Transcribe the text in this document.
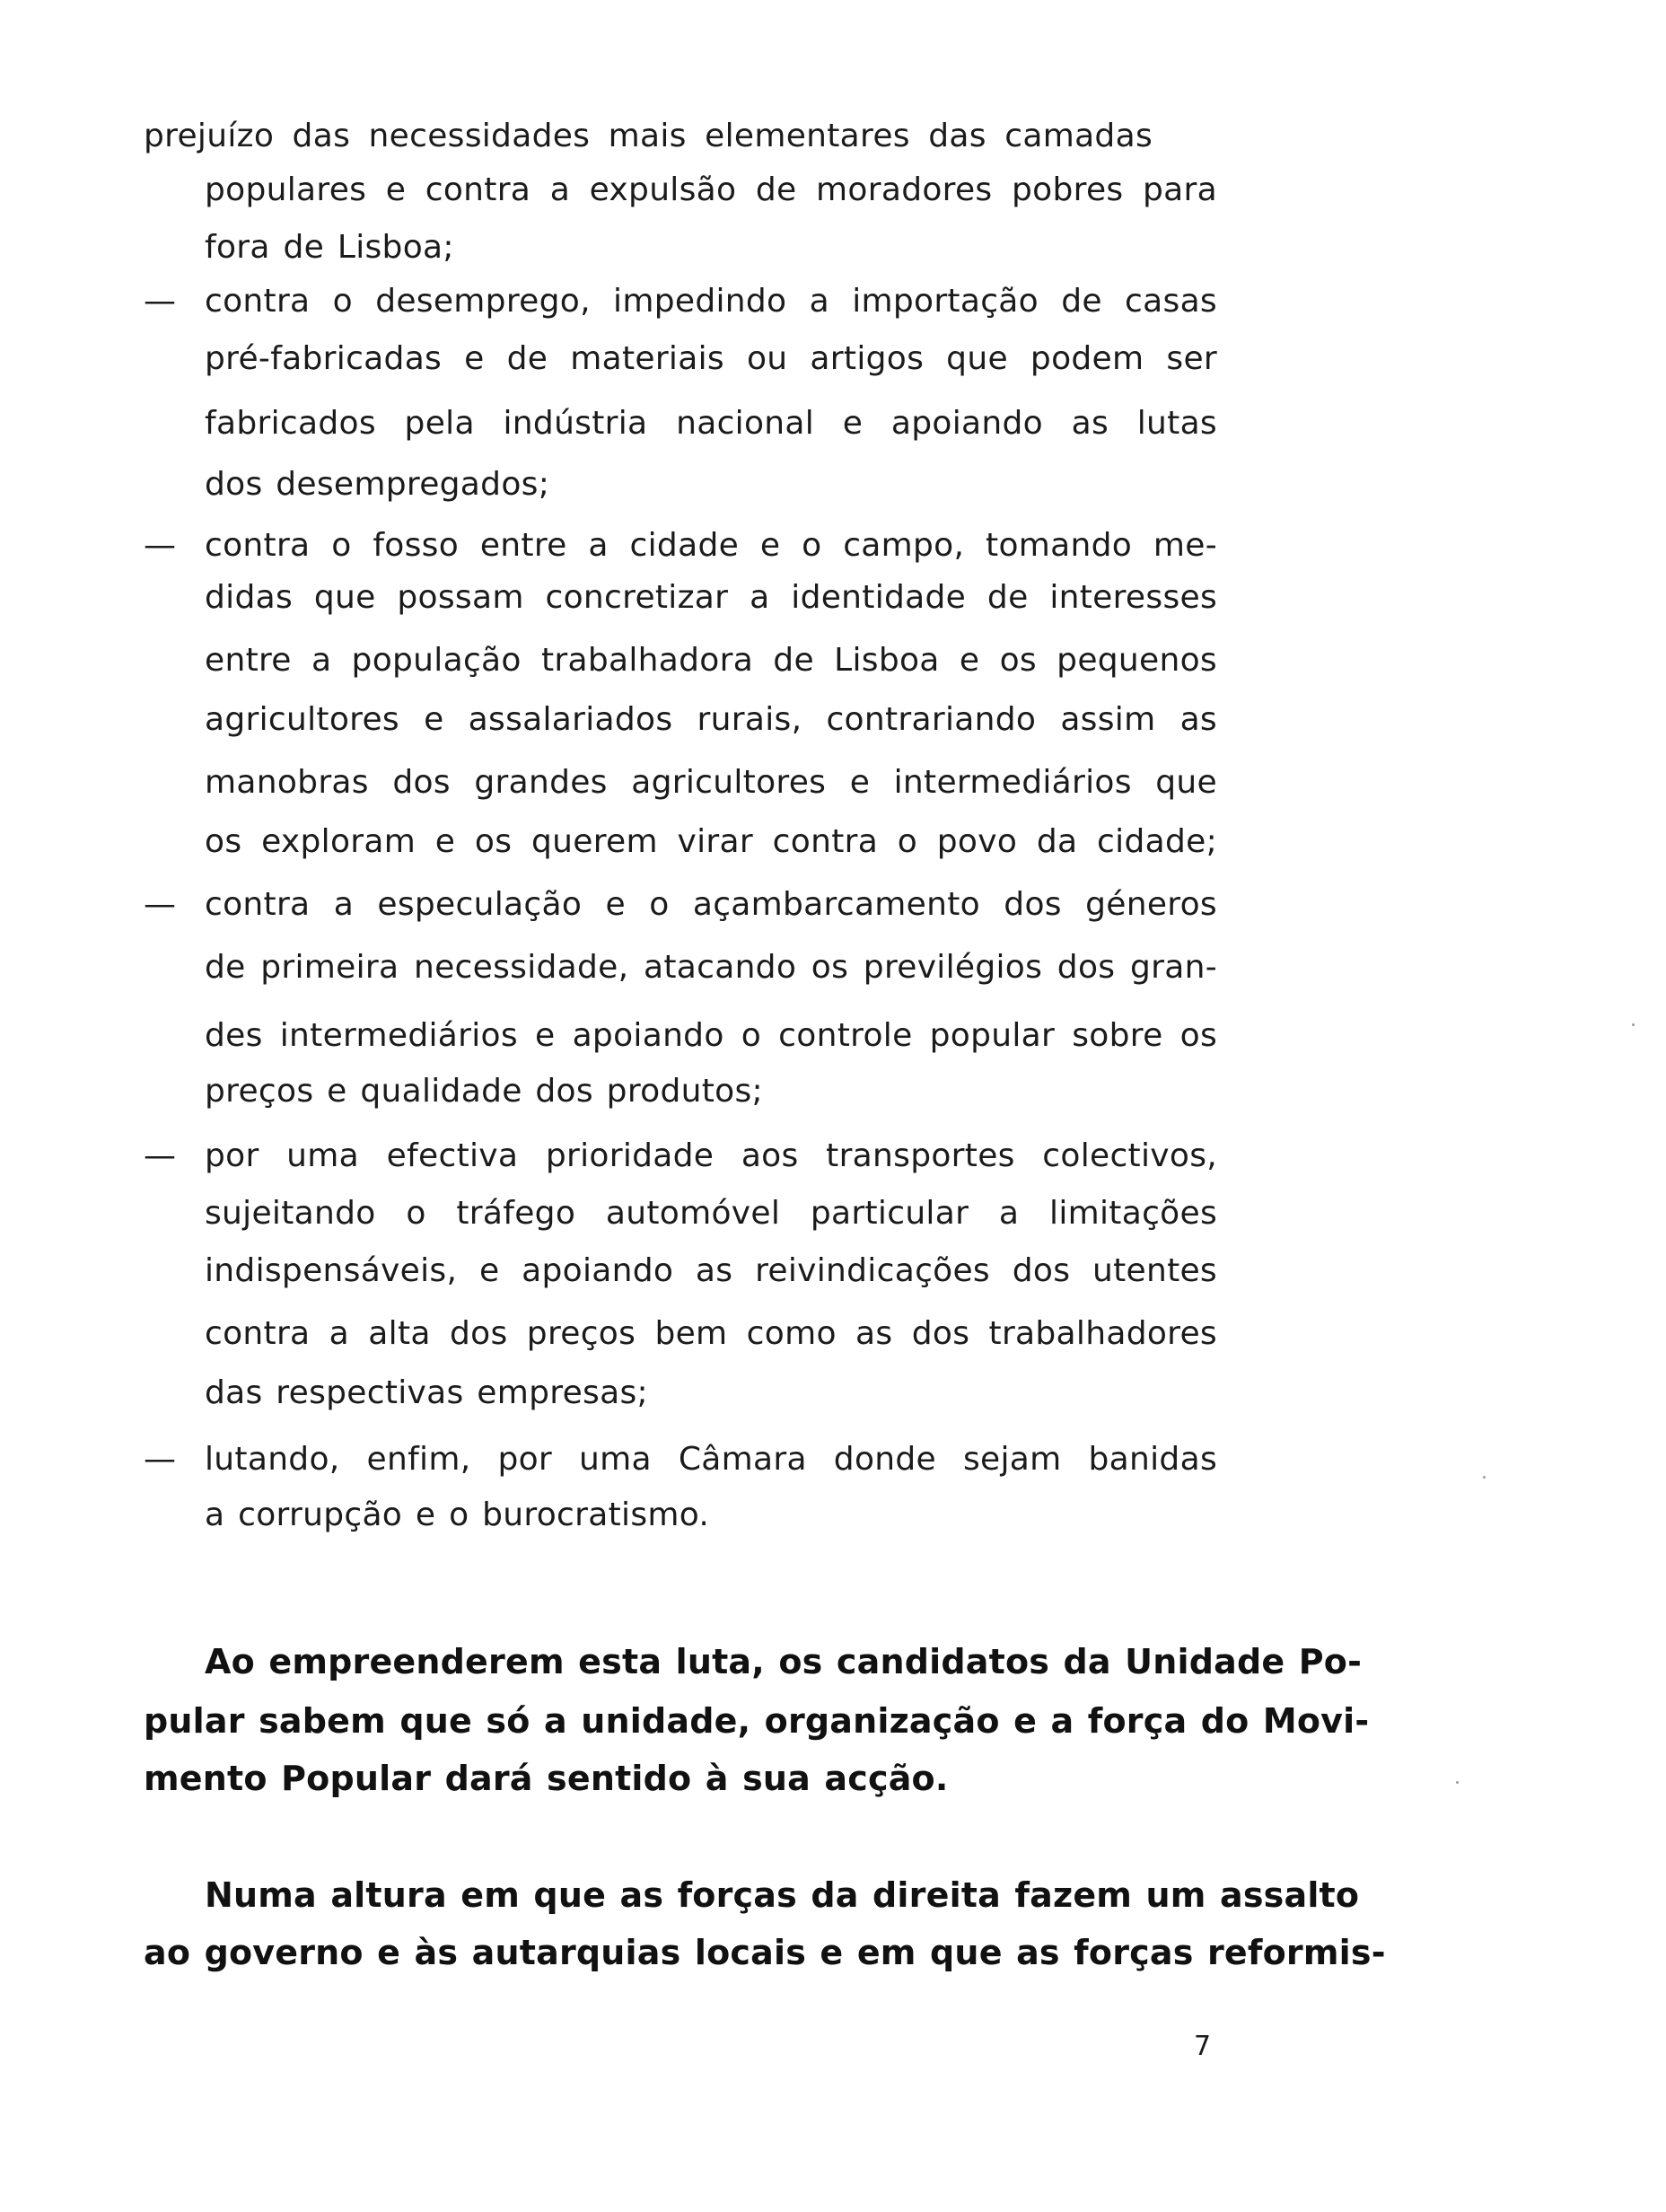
prejuízo das necessidades mais elementares das camadas

populares e contra a expulsão de moradores pobres para

fora de Lisboa;

— contra o desemprego, impedindo a importação de casas

pré-fabricadas e de materiais ou artigos que podem ser

fabricados pela indústria nacional e apoiando as lutas

dos desempregados;

— contra o fosso entre a cidade e o campo, tomando me-

didas que possam concretizar a identidade de interesses

entre a população trabalhadora de Lisboa e os pequenos

agricultores e assalariados rurais, contrariando assim as

manobras dos grandes agricultores e intermediários que

os exploram e os querem virar contra o povo da cidade;

— contra a especulação e o açambarcamento dos géneros

de primeira necessidade, atacando os previlégios dos gran-

des intermediários e apoiando o controle popular sobre os

preços e qualidade dos produtos;

— por uma efectiva prioridade aos transportes colectivos,

sujeitando o tráfego automóvel particular a limitações

indispensáveis, e apoiando as reivindicações dos utentes

contra a alta dos preços bem como as dos trabalhadores

das respectivas empresas;

— lutando, enfim, por uma Câmara donde sejam banidas

a corrupção e o burocratismo.

Ao empreenderem esta luta, os candidatos da Unidade Po-

pular sabem que só a unidade, organização e a força do Movi-

mento Popular dará sentido à sua acção.

Numa altura em que as forças da direita fazem um assalto

ao governo e às autarquias locais e em que as forças reformis-

7
